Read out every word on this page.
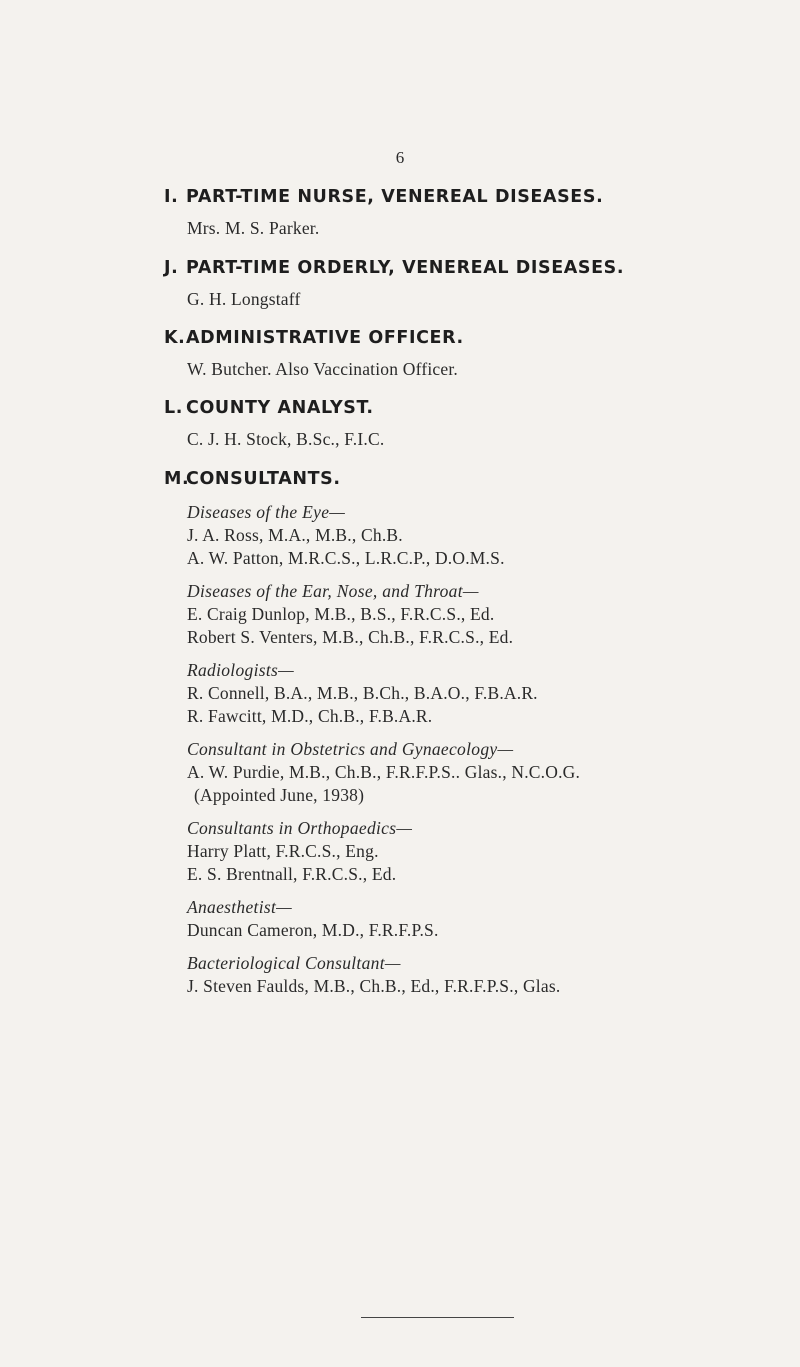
6
I. PART-TIME NURSE, VENEREAL DISEASES.
Mrs. M. S. Parker.
J. PART-TIME ORDERLY, VENEREAL DISEASES.
G. H. Longstaff
K. ADMINISTRATIVE OFFICER.
W. Butcher. Also Vaccination Officer.
L. COUNTY ANALYST.
C. J. H. Stock, B.Sc., F.I.C.
M.
CONSULTANTS.
Diseases of the Eye—
J. A. Ross, M.A., M.B., Ch.B.
A. W. Patton, M.R.C.S., L.R.C.P., D.O.M.S.
Diseases of the Ear, Nose, and Throat—
E. Craig Dunlop, M.B., B.S., F.R.C.S., Ed.
Robert S. Venters, M.B., Ch.B., F.R.C.S., Ed.
Radiologists—
R. Connell, B.A., M.B., B.Ch., B.A.O., F.B.A.R.
R. Fawcitt, M.D., Ch.B., F.B.A.R.
Consultant in Obstetrics and Gynaecology—
A. W. Purdie, M.B., Ch.B., F.R.F.P.S.. Glas., N.C.O.G.
(Appointed June, 1938)
Consultants in Orthopaedics—
Harry Platt, F.R.C.S., Eng.
E. S. Brentnall, F.R.C.S., Ed.
Anaesthetist—
Duncan Cameron, M.D., F.R.F.P.S.
Bacteriological Consultant—
J. Steven Faulds, M.B., Ch.B., Ed., F.R.F.P.S., Glas.
